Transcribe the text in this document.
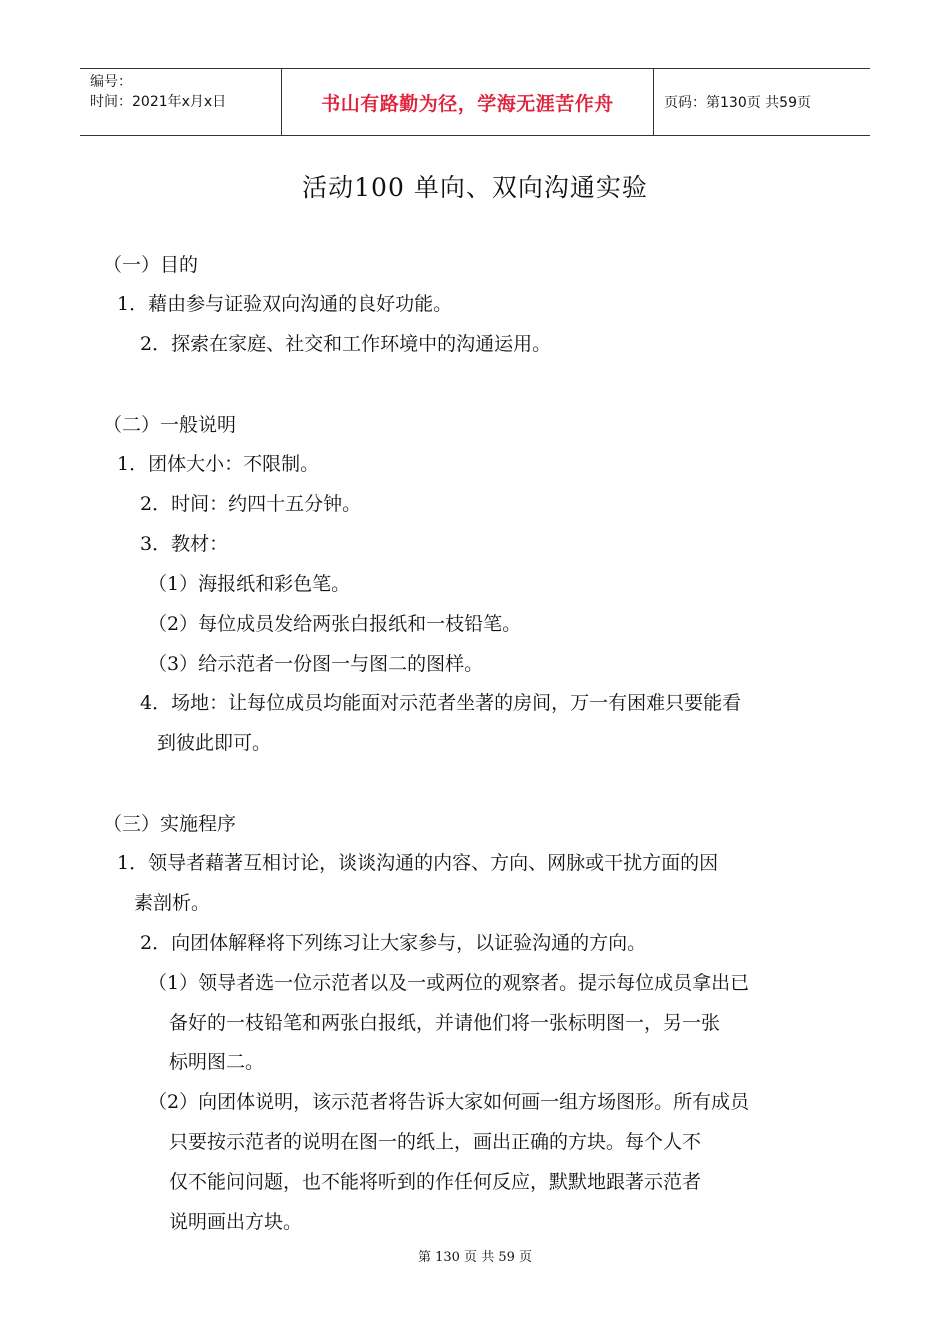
编号：
时间：2021年x月x日	书山有路勤为径，学海无涯苦作舟	页码：第130页 共59页
活动100 单向、双向沟通实验
（一）目的
1．藉由参与证验双向沟通的良好功能。
2．探索在家庭、社交和工作环境中的沟通运用。
（二）一般说明
1．团体大小：不限制。
2．时间：约四十五分钟。
3．教材：
（1）海报纸和彩色笔。
（2）每位成员发给两张白报纸和一枝铅笔。
（3）给示范者一份图一与图二的图样。
4．场地：让每位成员均能面对示范者坐著的房间，万一有困难只要能看
到彼此即可。
（三）实施程序
1．领导者藉著互相讨论，谈谈沟通的内容、方向、网脉或干扰方面的因
素剖析。
2．向团体解释将下列练习让大家参与，以证验沟通的方向。
（1）领导者选一位示范者以及一或两位的观察者。提示每位成员拿出已
备好的一枝铅笔和两张白报纸，并请他们将一张标明图一，另一张
标明图二。
（2）向团体说明，该示范者将告诉大家如何画一组方场图形。所有成员
只要按示范者的说明在图一的纸上，画出正确的方块。每个人不
仅不能问问题，也不能将听到的作任何反应，默默地跟著示范者
说明画出方块。
第 130 页 共 59 页
